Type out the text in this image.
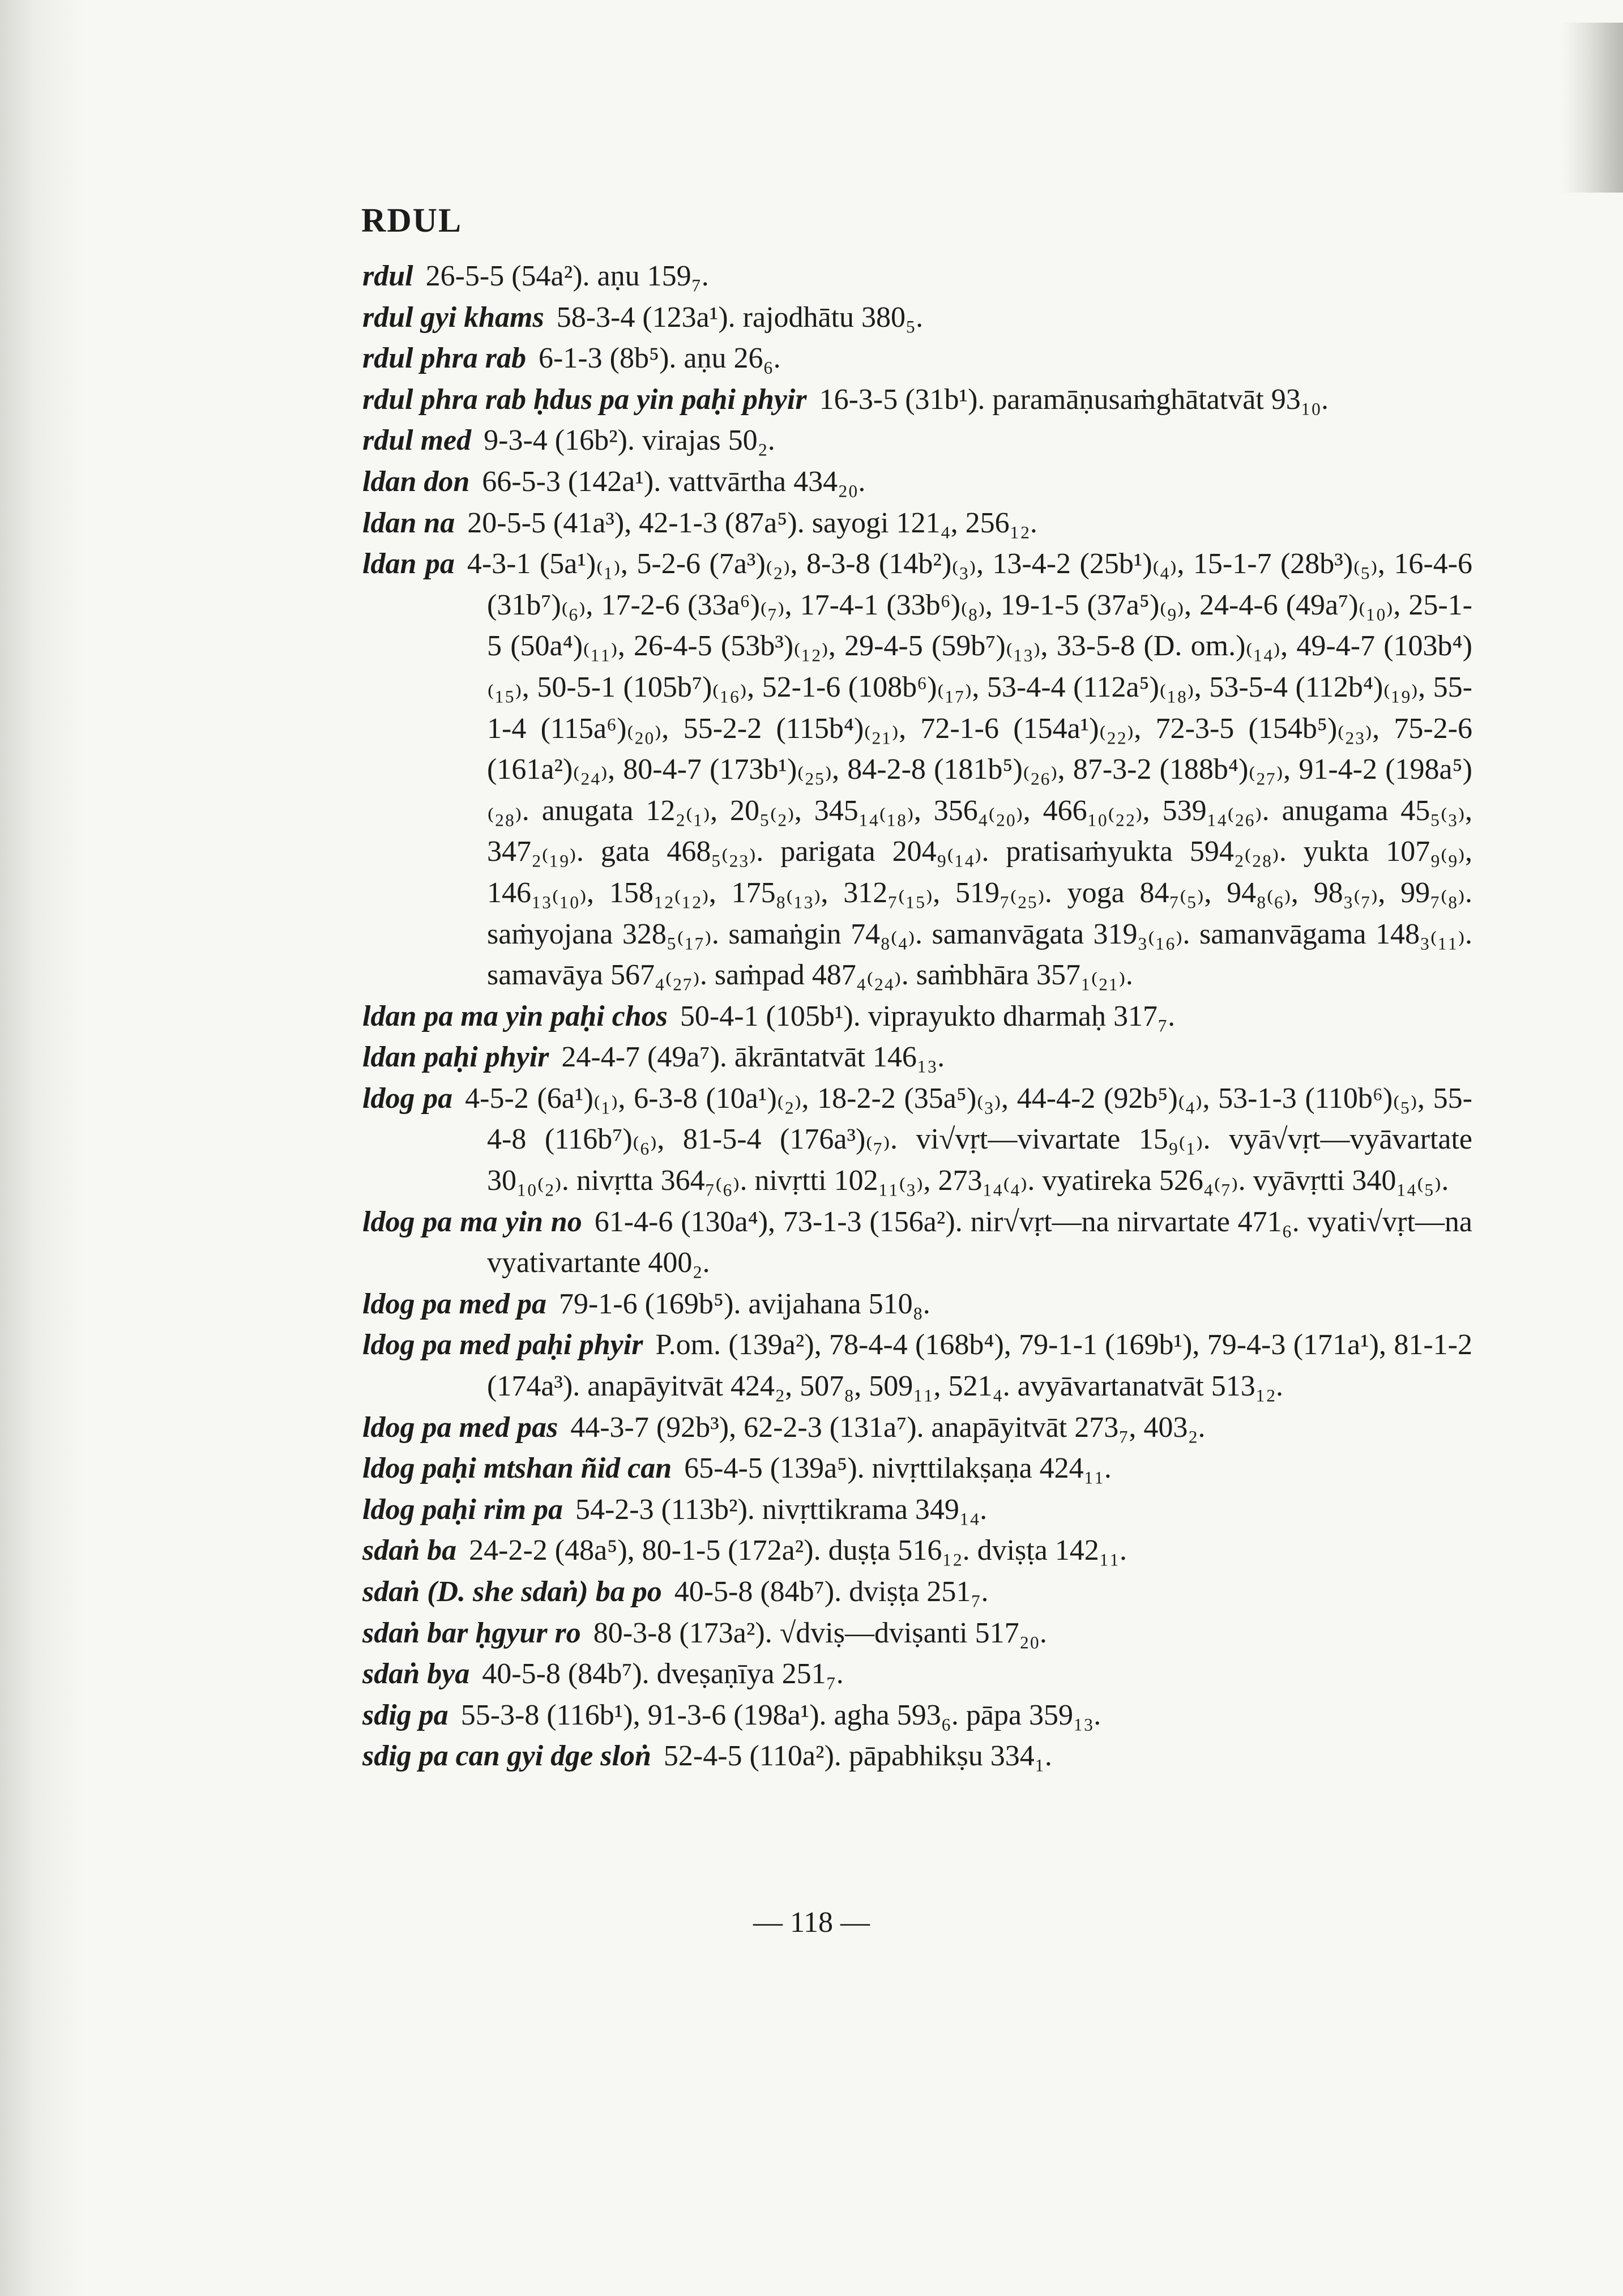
RDUL
rdul 26-5-5 (54a²). aṇu 159₇.
rdul gyi khams 58-3-4 (123a¹). rajodhātu 380₅.
rdul phra rab 6-1-3 (8b⁵). aṇu 26₆.
rdul phra rab ḥdus pa yin paḥi phyir 16-3-5 (31b¹). paramāṇusaṁghātatvāt 93₁₀.
rdul med 9-3-4 (16b²). virajas 50₂.
ldan don 66-5-3 (142a¹). vattvārtha 434₂₀.
ldan na 20-5-5 (41a³), 42-1-3 (87a⁵). sayogi 121₄, 256₁₂.
ldan pa 4-3-1 (5a¹)₍₁₎, 5-2-6 (7a³)₍₂₎, 8-3-8 (14b²)₍₃₎, 13-4-2 (25b¹)₍₄₎, 15-1-7 (28b³)₍₅₎, 16-4-6 (31b⁷)₍₆₎, 17-2-6 (33a⁶)₍₇₎, 17-4-1 (33b⁶)₍₈₎, 19-1-5 (37a⁵)₍₉₎, 24-4-6 (49a⁷)₍₁₀₎, 25-1-5 (50a⁴)₍₁₁₎, 26-4-5 (53b³)₍₁₂₎, 29-4-5 (59b⁷)₍₁₃₎, 33-5-8 (D. om.)₍₁₄₎, 49-4-7 (103b⁴)₍₁₅₎, 50-5-1 (105b⁷)₍₁₆₎, 52-1-6 (108b⁶)₍₁₇₎, 53-4-4 (112a⁵)₍₁₈₎, 53-5-4 (112b⁴)₍₁₉₎, 55-1-4 (115a⁶)₍₂₀₎, 55-2-2 (115b⁴)₍₂₁₎, 72-1-6 (154a¹)₍₂₂₎, 72-3-5 (154b⁵)₍₂₃₎, 75-2-6 (161a²)₍₂₄₎, 80-4-7 (173b¹)₍₂₅₎, 84-2-8 (181b⁵)₍₂₆₎, 87-3-2 (188b⁴)₍₂₇₎, 91-4-2 (198a⁵)₍₂₈₎. anugata 12₂₍₁₎, 20₅₍₂₎, 345₁₄₍₁₈₎, 356₄₍₂₀₎, 466₁₀₍₂₂₎, 539₁₄₍₂₆₎. anugama 45₅₍₃₎, 347₂₍₁₉₎. gata 468₅₍₂₃₎. parigata 204₉₍₁₄₎. pratisaṁyukta 594₂₍₂₈₎. yukta 107₉₍₉₎, 146₁₃₍₁₀₎, 158₁₂₍₁₂₎, 175₈₍₁₃₎, 312₇₍₁₅₎, 519₇₍₂₅₎. yoga 84₇₍₅₎, 94₈₍₆₎, 98₃₍₇₎, 99₇₍₈₎. saṁyojana 328₅₍₁₇₎. samaṅgin 74₈₍₄₎. samanvāgata 319₃₍₁₆₎. samanvāgama 148₃₍₁₁₎. samavāya 567₄₍₂₇₎. saṁpad 487₄₍₂₄₎. saṁbhāra 357₁₍₂₁₎.
ldan pa ma yin paḥi chos 50-4-1 (105b¹). viprayukto dharmaḥ 317₇.
ldan paḥi phyir 24-4-7 (49a⁷). ākrāntatvāt 146₁₃.
ldog pa 4-5-2 (6a¹)₍₁₎, 6-3-8 (10a¹)₍₂₎, 18-2-2 (35a⁵)₍₃₎, 44-4-2 (92b⁵)₍₄₎, 53-1-3 (110b⁶)₍₅₎, 55-4-8 (116b⁷)₍₆₎, 81-5-4 (176a³)₍₇₎. vi√vṛt—vivartate 15₉₍₁₎. vyā√vṛt—vyāvartate 30₁₀₍₂₎. nivṛtta 364₇₍₆₎. nivṛtti 102₁₁₍₃₎, 273₁₄₍₄₎. vyatireka 526₄₍₇₎. vyāvṛtti 340₁₄₍₅₎.
ldog pa ma yin no 61-4-6 (130a⁴), 73-1-3 (156a²). nir√vṛt—na nirvartate 471₆. vyati√vṛt—na vyativartante 400₂.
ldog pa med pa 79-1-6 (169b⁵). avijahana 510₈.
ldog pa med paḥi phyir P.om. (139a²), 78-4-4 (168b⁴), 79-1-1 (169b¹), 79-4-3 (171a¹), 81-1-2 (174a³). anapāyitvāt 424₂, 507₈, 509₁₁, 521₄. avyāvartanatvāt 513₁₂.
ldog pa med pas 44-3-7 (92b³), 62-2-3 (131a⁷). anapāyitvāt 273₇, 403₂.
ldog paḥi mtshan ñid can 65-4-5 (139a⁵). nivṛttilakṣaṇa 424₁₁.
ldog paḥi rim pa 54-2-3 (113b²). nivṛttikrama 349₁₄.
sdaṅ ba 24-2-2 (48a⁵), 80-1-5 (172a²). duṣṭa 516₁₂. dviṣṭa 142₁₁.
sdaṅ (D. she sdaṅ) ba po 40-5-8 (84b⁷). dviṣṭa 251₇.
sdaṅ bar ḥgyur ro 80-3-8 (173a²). √dviṣ—dviṣanti 517₂₀.
sdaṅ bya 40-5-8 (84b⁷). dveṣaṇīya 251₇.
sdig pa 55-3-8 (116b¹), 91-3-6 (198a¹). agha 593₆. pāpa 359₁₃.
sdig pa can gyi dge sloṅ 52-4-5 (110a²). pāpabhikṣu 334₁.
— 118 —
